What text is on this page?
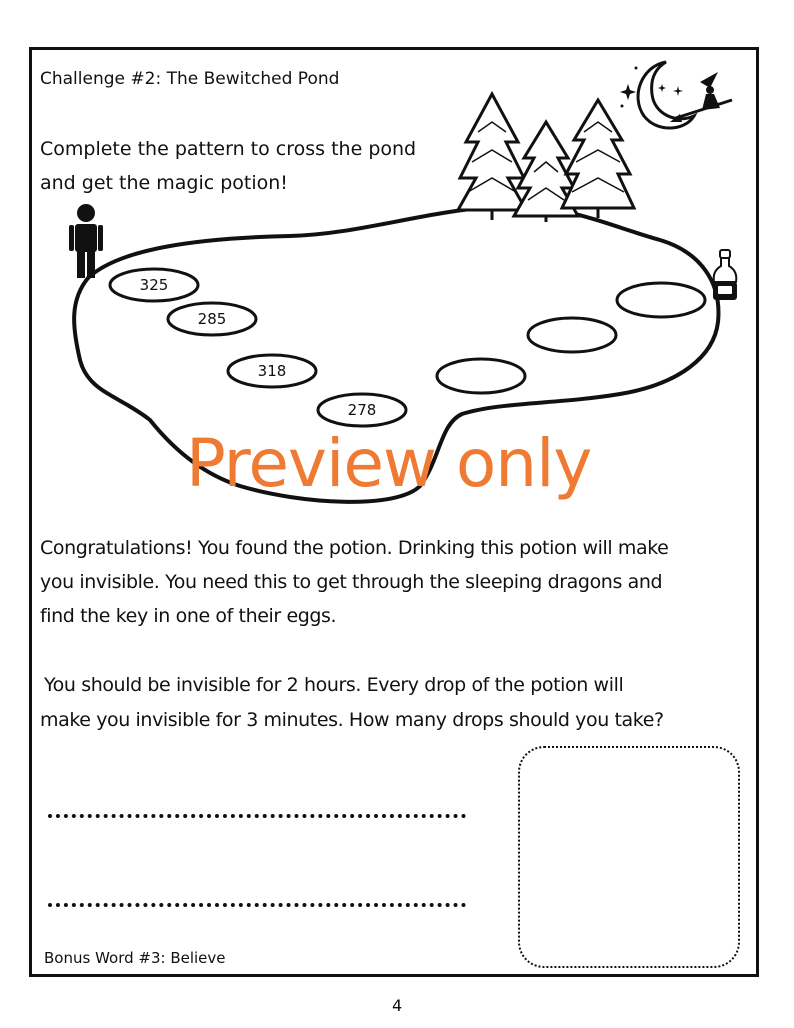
Challenge #2: The Bewitched Pond
Complete the pattern to cross the pond
and get the magic potion!
325
285
318
278
Preview only
Congratulations! You found the potion. Drinking this potion will make
you invisible. You need this to get through the sleeping dragons and
find the key in one of their eggs.
You should be invisible for 2 hours. Every drop of the potion will
make you invisible for 3 minutes. How many drops should you take?
Bonus Word #3: Believe
4
